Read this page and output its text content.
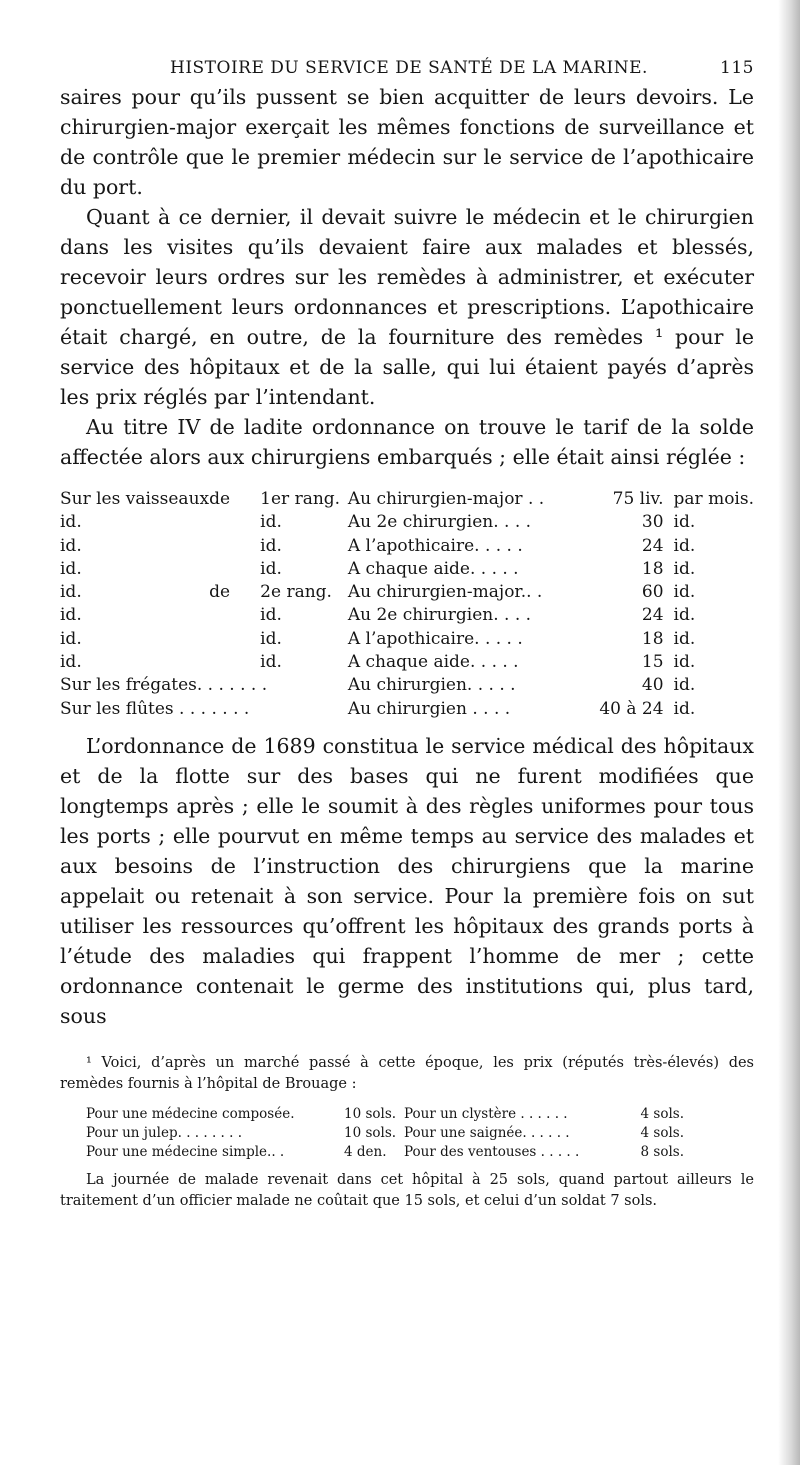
HISTOIRE DU SERVICE DE SANTÉ DE LA MARINE.	115

saires pour qu’ils pussent se bien acquitter de leurs devoirs. Le chirurgien-major exerçait les mêmes fonctions de surveillance et de contrôle que le premier médecin sur le service de l’apothicaire du port.

Quant à ce dernier, il devait suivre le médecin et le chirurgien dans les visites qu’ils devaient faire aux malades et blessés, recevoir leurs ordres sur les remèdes à administrer, et exécuter ponctuellement leurs ordonnances et prescriptions. L’apothicaire était chargé, en outre, de la fourniture des remèdes ¹ pour le service des hôpitaux et de la salle, qui lui étaient payés d’après les prix réglés par l’intendant.

Au titre IV de ladite ordonnance on trouve le tarif de la solde affectée alors aux chirurgiens embarqués ; elle était ainsi réglée :

Sur les vaisseaux	de	1er rang.	Au chirurgien-major . .	75 liv.	par mois.
id.		id.	Au 2e chirurgien. . . .	30	id.
id.		id.	A l’apothicaire. . . . .	24	id.
id.		id.	A chaque aide. . . . .	18	id.
id.	de	2e rang.	Au chirurgien-major.. .	60	id.
id.		id.	Au 2e chirurgien. . . .	24	id.
id.		id.	A l’apothicaire. . . . .	18	id.
id.		id.	A chaque aide. . . . .	15	id.
Sur les frégates. . . . . . .			Au chirurgien. . . . .	40	id.
Sur les flûtes . . . . . . .			Au chirurgien . . . .	40 à 24	id.

L’ordonnance de 1689 constitua le service médical des hôpitaux et de la flotte sur des bases qui ne furent modifiées que longtemps après ; elle le soumit à des règles uniformes pour tous les ports ; elle pourvut en même temps au service des malades et aux besoins de l’instruction des chirurgiens que la marine appelait ou retenait à son service. Pour la première fois on sut utiliser les ressources qu’offrent les hôpitaux des grands ports à l’étude des maladies qui frappent l’homme de mer ; cette ordonnance contenait le germe des institutions qui, plus tard, sous

¹ Voici, d’après un marché passé à cette époque, les prix (réputés très-élevés) des remèdes fournis à l’hôpital de Brouage :

Pour une médecine composée.	10 sols.	Pour un clystère . . . . . .	4 sols.
Pour un julep. . . . . . . .	10 sols.	Pour une saignée. . . . . .	4 sols.
Pour une médecine simple.. .	4 den.	Pour des ventouses . . . . .	8 sols.

La journée de malade revenait dans cet hôpital à 25 sols, quand partout ailleurs le traitement d’un officier malade ne coûtait que 15 sols, et celui d’un soldat 7 sols.
